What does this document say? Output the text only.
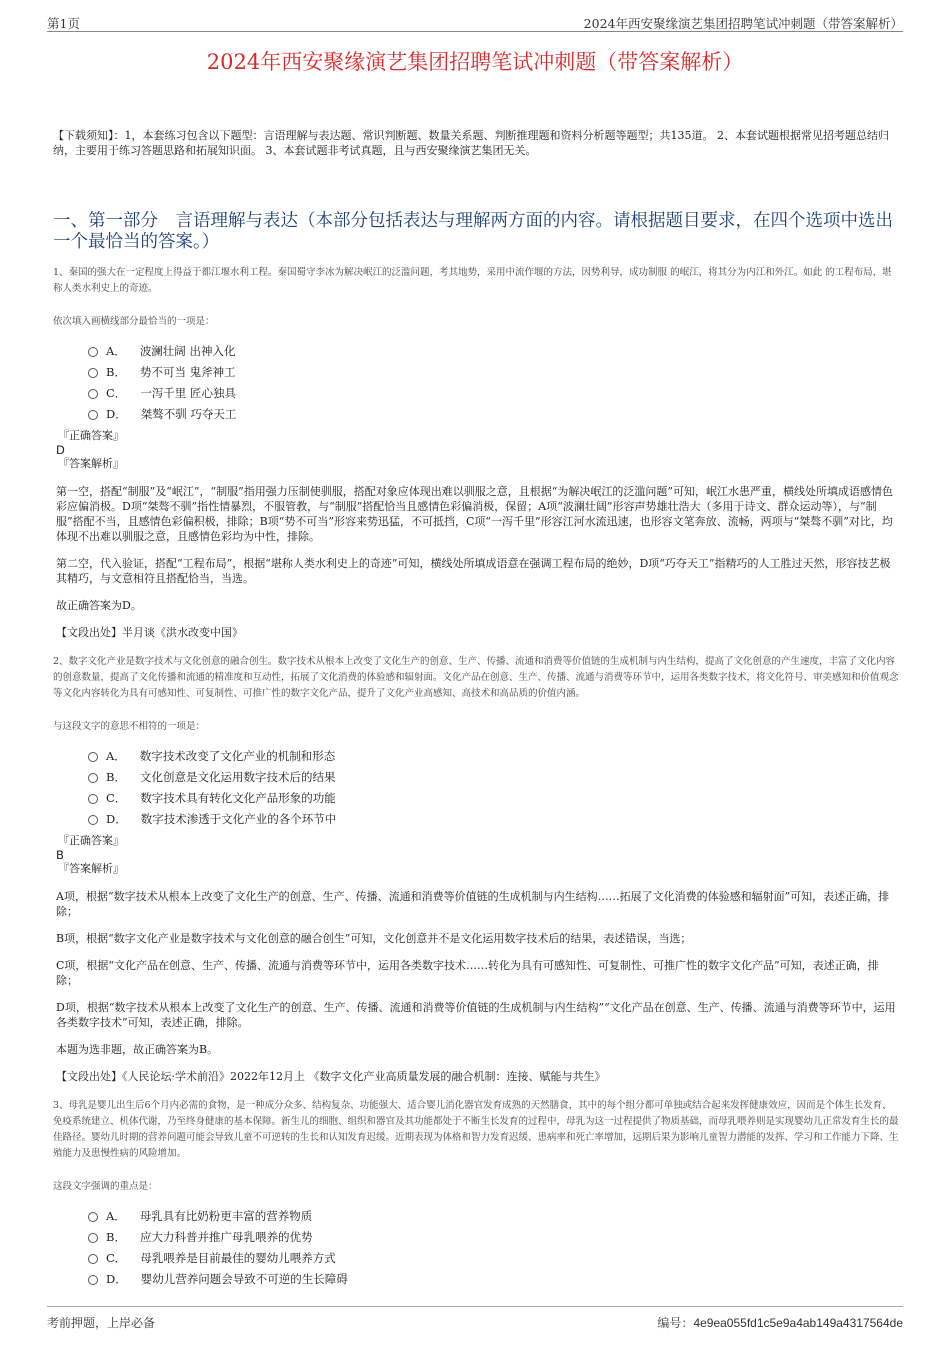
第1页	2024年西安聚缘演艺集团招聘笔试冲刺题（带答案解析）
2024年西安聚缘演艺集团招聘笔试冲刺题（带答案解析）

【下载须知】：1，本套练习包含以下题型：言语理解与表达题、常识判断题、数量关系题、判断推理题和资料分析题等题型；共135道。 2、本套试题根据常见招考题总结归纳，主要用于练习答题思路和拓展知识面。 3、本套试题非考试真题，且与西安聚缘演艺集团无关。

一、第一部分　言语理解与表达（本部分包括表达与理解两方面的内容。请根据题目要求，在四个选项中选出一个最恰当的答案。）

1、秦国的强大在一定程度上得益于都江堰水利工程。秦国蜀守李冰为解决岷江的泛滥问题，考其地势，采用中流作堰的方法，因势利导，成功制服 的岷江，将其分为内江和外江。如此 的工程布局，堪称人类水利史上的奇迹。

依次填入画横线部分最恰当的一项是：

A． 波澜壮阔 出神入化
B． 势不可当 鬼斧神工
C． 一泻千里 匠心独具
D． 桀骜不驯 巧夺天工
『正确答案』
D
『答案解析』

第一空，搭配“制服”及“岷江”，“制服”指用强力压制使驯服，搭配对象应体现出难以驯服之意，且根据“为解决岷江的泛滥问题”可知，岷江水患严重，横线处所填成语感情色彩应偏消极。D项“桀骜不驯”指性情暴烈，不服管教，与“制服”搭配恰当且感情色彩偏消极，保留；A项“波澜壮阔”形容声势雄壮浩大（多用于诗文、群众运动等），与“制服”搭配不当，且感情色彩偏积极，排除；B项“势不可当”形容来势迅猛，不可抵挡，C项“一泻千里”形容江河水流迅速，也形容文笔奔放、流畅，两项与“桀骜不驯”对比，均体现不出难以驯服之意，且感情色彩均为中性，排除。

第二空，代入验证，搭配“工程布局”，根据“堪称人类水利史上的奇迹”可知，横线处所填成语意在强调工程布局的绝妙，D项“巧夺天工”指精巧的人工胜过天然，形容技艺极其精巧，与文意相符且搭配恰当，当选。

故正确答案为D。

【文段出处】半月谈《洪水改变中国》

2、数字文化产业是数字技术与文化创意的融合创生。数字技术从根本上改变了文化生产的创意、生产、传播、流通和消费等价值链的生成机制与内生结构，提高了文化创意的产生速度，丰富了文化内容的创意数量，提高了文化传播和流通的精准度和互动性，拓展了文化消费的体验感和辐射面。文化产品在创意、生产、传播、流通与消费等环节中，运用各类数字技术，将文化符号、审美感知和价值观念等文化内容转化为具有可感知性、可复制性、可推广性的数字文化产品，提升了文化产业高感知、高技术和高品质的价值内涵。

与这段文字的意思不相符的一项是：

A． 数字技术改变了文化产业的机制和形态
B． 文化创意是文化运用数字技术后的结果
C． 数字技术具有转化文化产品形象的功能
D． 数字技术渗透于文化产业的各个环节中
『正确答案』
B
『答案解析』

A项，根据“数字技术从根本上改变了文化生产的创意、生产、传播、流通和消费等价值链的生成机制与内生结构……拓展了文化消费的体验感和辐射面”可知，表述正确，排除；

B项，根据“数字文化产业是数字技术与文化创意的融合创生”可知，文化创意并不是文化运用数字技术后的结果，表述错误，当选；

C项，根据“文化产品在创意、生产、传播、流通与消费等环节中，运用各类数字技术……转化为具有可感知性、可复制性、可推广性的数字文化产品”可知，表述正确，排除；

D项，根据“数字技术从根本上改变了文化生产的创意、生产、传播、流通和消费等价值链的生成机制与内生结构”“文化产品在创意、生产、传播、流通与消费等环节中，运用各类数字技术”可知，表述正确，排除。

本题为选非题，故正确答案为B。

【文段出处】《人民论坛·学术前沿》2022年12月上 《数字文化产业高质量发展的融合机制：连接、赋能与共生》

3、母乳是婴儿出生后6个月内必需的食物，是一种成分众多、结构复杂、功能强大、适合婴儿消化器官发育成熟的天然膳食，其中的每个组分都可单独或结合起来发挥健康效应，因而是个体生长发育、免疫系统建立、机体代谢，乃至终身健康的基本保障。新生儿的细胞、组织和器官及其功能都处于不断生长发育的过程中，母乳为这一过程提供了物质基础，而母乳喂养则是实现婴幼儿正常发育生长的最佳路径。婴幼儿时期的营养问题可能会导致儿童不可逆转的生长和认知发育迟缓。近期表现为体格和智力发育迟缓、患病率和死亡率增加，远期后果为影响儿童智力潜能的发挥、学习和工作能力下降、生殖能力及患慢性病的风险增加。

这段文字强调的重点是：

A． 母乳具有比奶粉更丰富的营养物质
B． 应大力科普并推广母乳喂养的优势
C． 母乳喂养是目前最佳的婴幼儿喂养方式
D． 婴幼儿营养问题会导致不可逆的生长障碍
考前押题，上岸必备	编号：4e9ea055fd1c5e9a4ab149a4317564de
